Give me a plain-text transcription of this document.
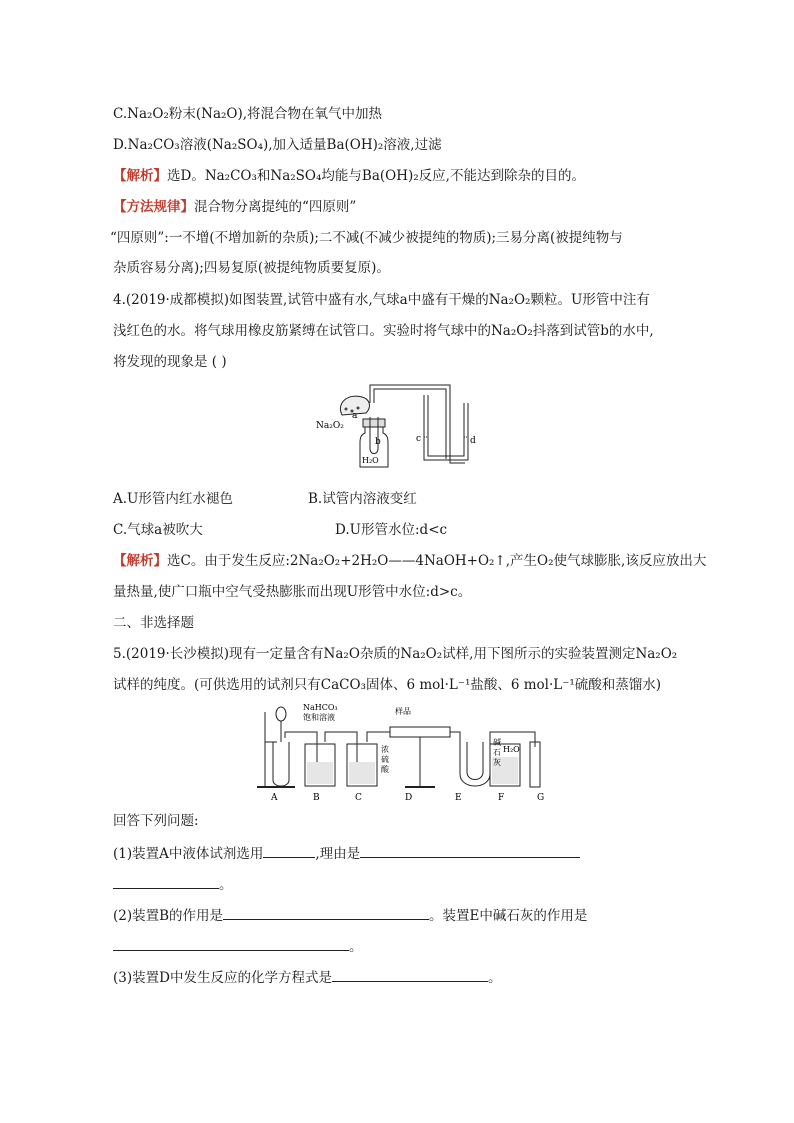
C.Na₂O₂粉末(Na₂O),将混合物在氧气中加热
D.Na₂CO₃溶液(Na₂SO₄),加入适量Ba(OH)₂溶液,过滤
【解析】选D。Na₂CO₃和Na₂SO₄均能与Ba(OH)₂反应,不能达到除杂的目的。
【方法规律】混合物分离提纯的“四原则”
“四原则”:一不增(不增加新的杂质);二不减(不减少被提纯的物质);三易分离(被提纯物与
杂质容易分离);四易复原(被提纯物质要复原)。
4.(2019·成都模拟)如图装置,试管中盛有水,气球a中盛有干燥的Na₂O₂颗粒。U形管中注有
浅红色的水。将气球用橡皮筋紧缚在试管口。实验时将气球中的Na₂O₂抖落到试管b的水中,
将发现的现象是 ( )
Na₂O₂
a
b
H₂O
c	d
A.U形管内红水褪色	B.试管内溶液变红
C.气球a被吹大	D.U形管水位:d<c
【解析】选C。由于发生反应:2Na₂O₂+2H₂O——4NaOH+O₂↑,产生O₂使气球膨胀,该反应放出大
量热量,使广口瓶中空气受热膨胀而出现U形管中水位:d>c。
二、非选择题
5.(2019·长沙模拟)现有一定量含有Na₂O杂质的Na₂O₂试样,用下图所示的实验装置测定Na₂O₂
试样的纯度。(可供选用的试剂只有CaCO₃固体、6 mol·L⁻¹盐酸、6 mol·L⁻¹硫酸和蒸馏水)
NaHCO₃
饱和溶液
样品
浓
硫
酸
碱
石
灰
H₂O
A	B	C	D	E	F	G
回答下列问题:
(1)装置A中液体试剂选用	,理由是
。
(2)装置B的作用是	。装置E中碱石灰的作用是
。
(3)装置D中发生反应的化学方程式是	。
